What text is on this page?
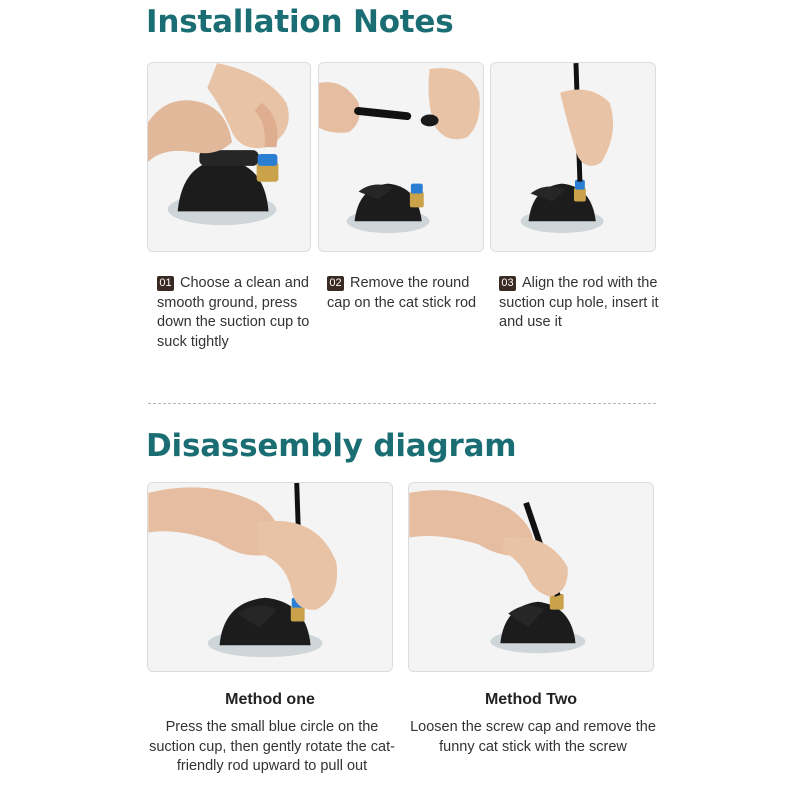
Installation Notes
01 Choose a clean and smooth ground, press down the suction cup to suck tightly
02 Remove the round cap on the cat stick rod
03 Align the rod with the suction cup hole, insert it and use it
Disassembly diagram
Method one
Press the small blue circle on the suction cup, then gently rotate the cat-friendly rod upward to pull out
Method Two
Loosen the screw cap and remove the funny cat stick with the screw
